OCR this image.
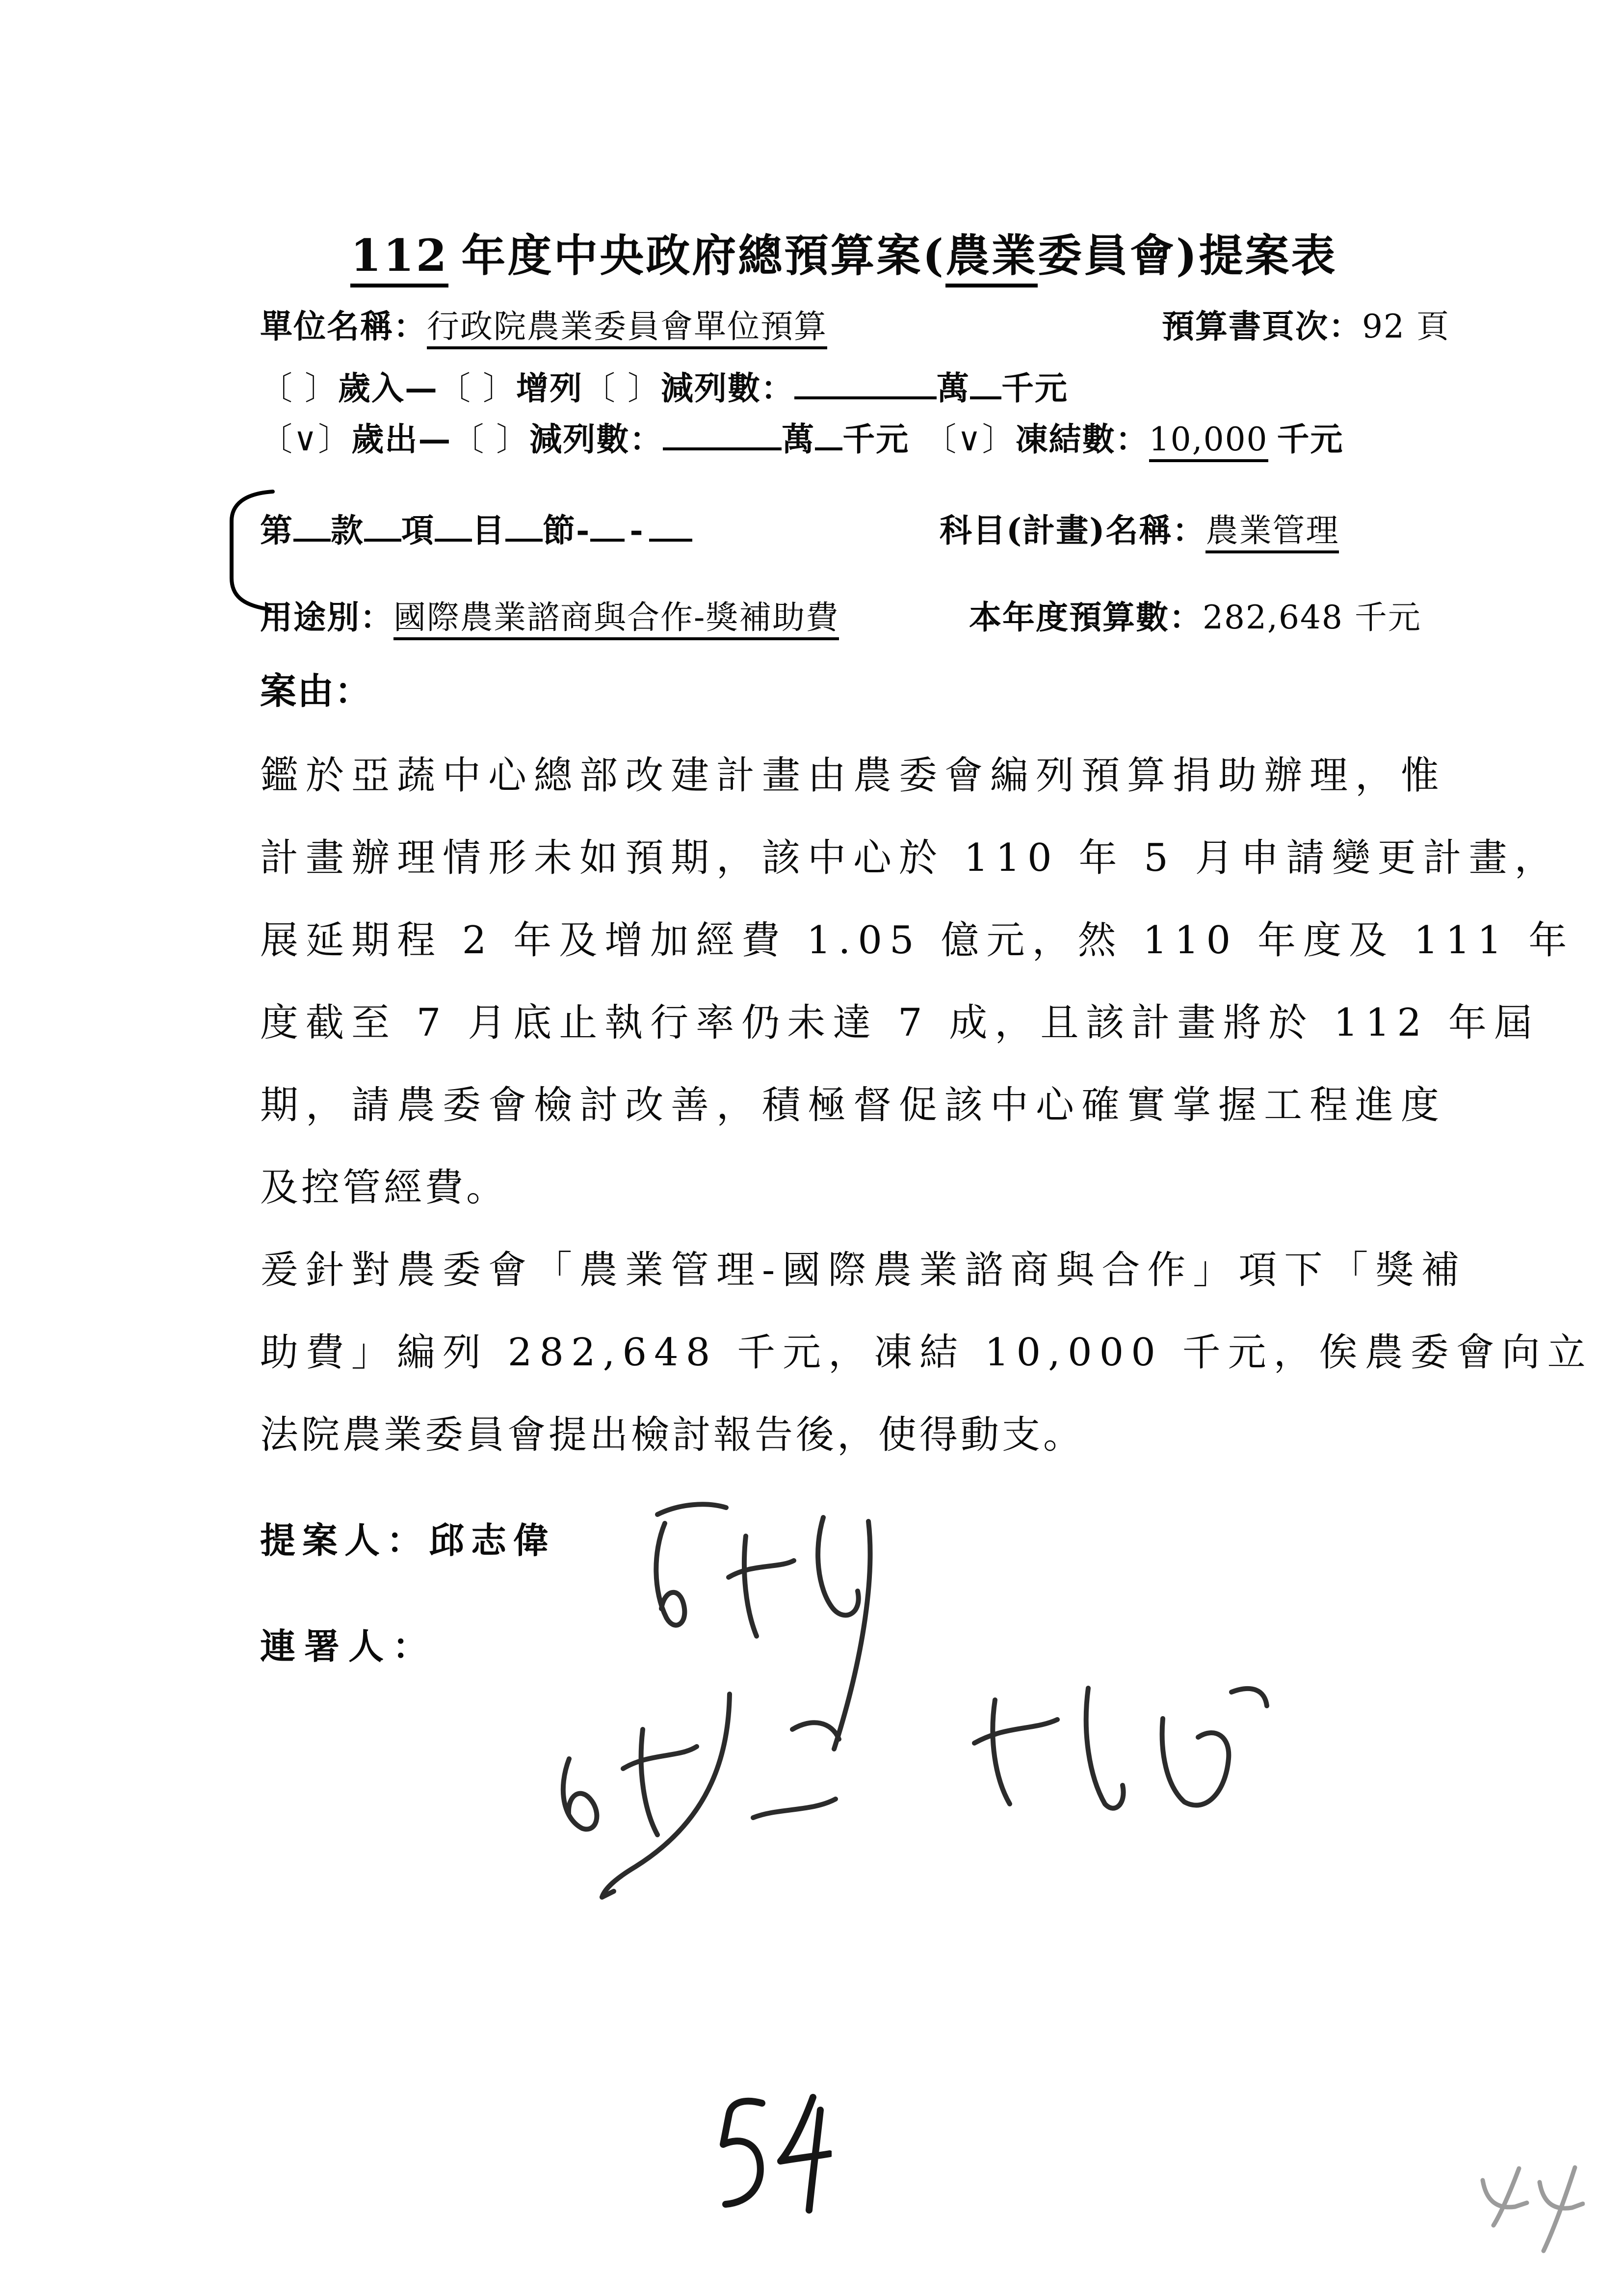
112 年度中央政府總預算案(農業委員會)提案表
單位名稱：行政院農業委員會單位預算	預算書頁次：92 頁
〔 〕歲入—〔 〕增列〔 〕減列數：	萬 千元
〔∨〕歲出—〔 〕減列數：	萬 千元 〔∨〕凍結數：10,000 千元
第 款 項 目 節- -	科目(計畫)名稱：農業管理
用途別：國際農業諮商與合作-獎補助費	本年度預算數：282,648 千元
案由：
鑑於亞蔬中心總部改建計畫由農委會編列預算捐助辦理，惟
計畫辦理情形未如預期，該中心於 110 年 5 月申請變更計畫，
展延期程 2 年及增加經費 1.05 億元，然 110 年度及 111 年
度截至 7 月底止執行率仍未達 7 成，且該計畫將於 112 年屆
期，請農委會檢討改善，積極督促該中心確實掌握工程進度
及控管經費。
爰針對農委會「農業管理-國際農業諮商與合作」項下「獎補
助費」編列 282,648 千元，凍結 10,000 千元，俟農委會向立
法院農業委員會提出檢討報告後，使得動支。
提案人：邱志偉
連署人：
